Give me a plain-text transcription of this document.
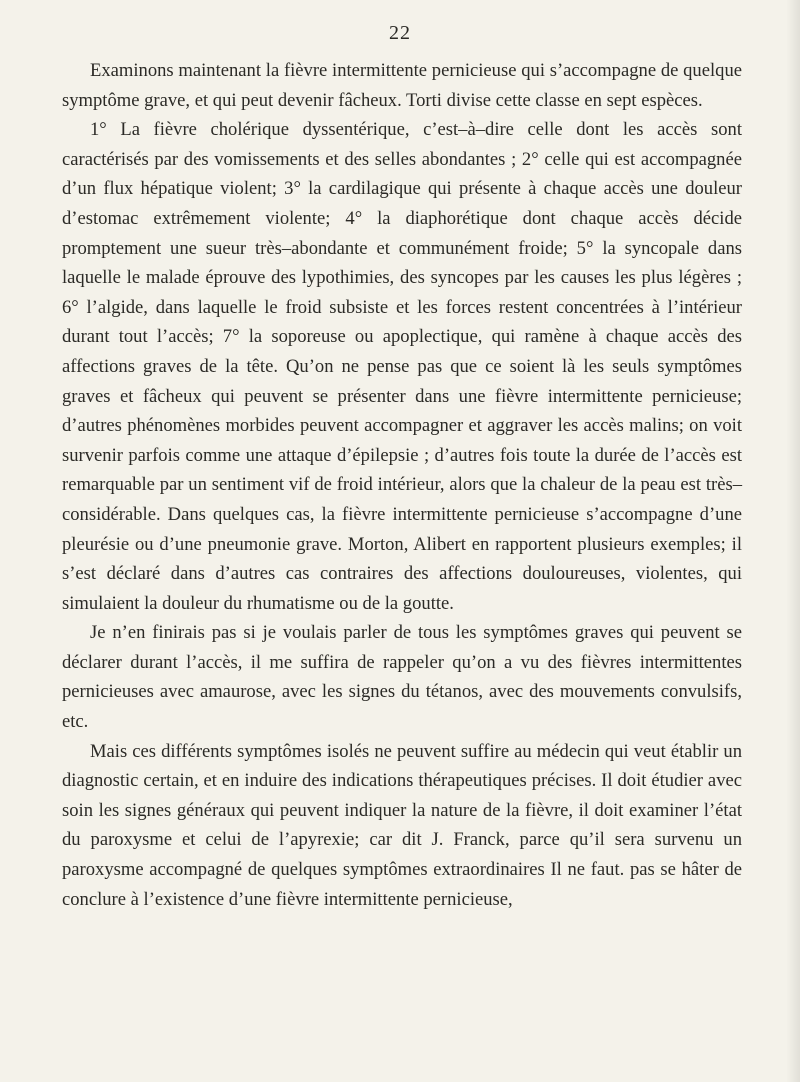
22

Examinons maintenant la fièvre intermittente pernicieuse qui s’accompagne de quelque symptôme grave, et qui peut devenir fâcheux. Torti divise cette classe en sept espèces.

1° La fièvre cholérique dyssentérique, c’est–à–dire celle dont les accès sont caractérisés par des vomissements et des selles abondantes ; 2° celle qui est accompagnée d’un flux hépatique violent; 3° la cardilagique qui présente à chaque accès une douleur d’estomac extrêmement violente; 4° la diaphorétique dont chaque accès décide promptement une sueur très–abondante et communément froide; 5° la syncopale dans laquelle le malade éprouve des lypothimies, des syncopes par les causes les plus légères ; 6° l’algide, dans laquelle le froid subsiste et les forces restent concentrées à l’intérieur durant tout l’accès; 7° la soporeuse ou apoplectique, qui ramène à chaque accès des affections graves de la tête. Qu’on ne pense pas que ce soient là les seuls symptômes graves et fâcheux qui peuvent se présenter dans une fièvre intermittente pernicieuse; d’autres phénomènes morbides peuvent accompagner et aggraver les accès malins; on voit survenir parfois comme une attaque d’épilepsie ; d’autres fois toute la durée de l’accès est remarquable par un sentiment vif de froid intérieur, alors que la chaleur de la peau est très–considérable. Dans quelques cas, la fièvre intermittente pernicieuse s’accompagne d’une pleurésie ou d’une pneumonie grave. Morton, Alibert en rapportent plusieurs exemples; il s’est déclaré dans d’autres cas contraires des affections douloureuses, violentes, qui simulaient la douleur du rhumatisme ou de la goutte.

Je n’en finirais pas si je voulais parler de tous les symptômes graves qui peuvent se déclarer durant l’accès, il me suffira de rappeler qu’on a vu des fièvres intermittentes pernicieuses avec amaurose, avec les signes du tétanos, avec des mouvements convulsifs, etc.

Mais ces différents symptômes isolés ne peuvent suffire au médecin qui veut établir un diagnostic certain, et en induire des indications thérapeutiques précises. Il doit étudier avec soin les signes généraux qui peuvent indiquer la nature de la fièvre, il doit examiner l’état du paroxysme et celui de l’apyrexie; car dit J. Franck, parce qu’il sera survenu un paroxysme accompagné de quelques symptômes extraordinaires Il ne faut. pas se hâter de conclure à l’existence d’une fièvre intermittente pernicieuse,
